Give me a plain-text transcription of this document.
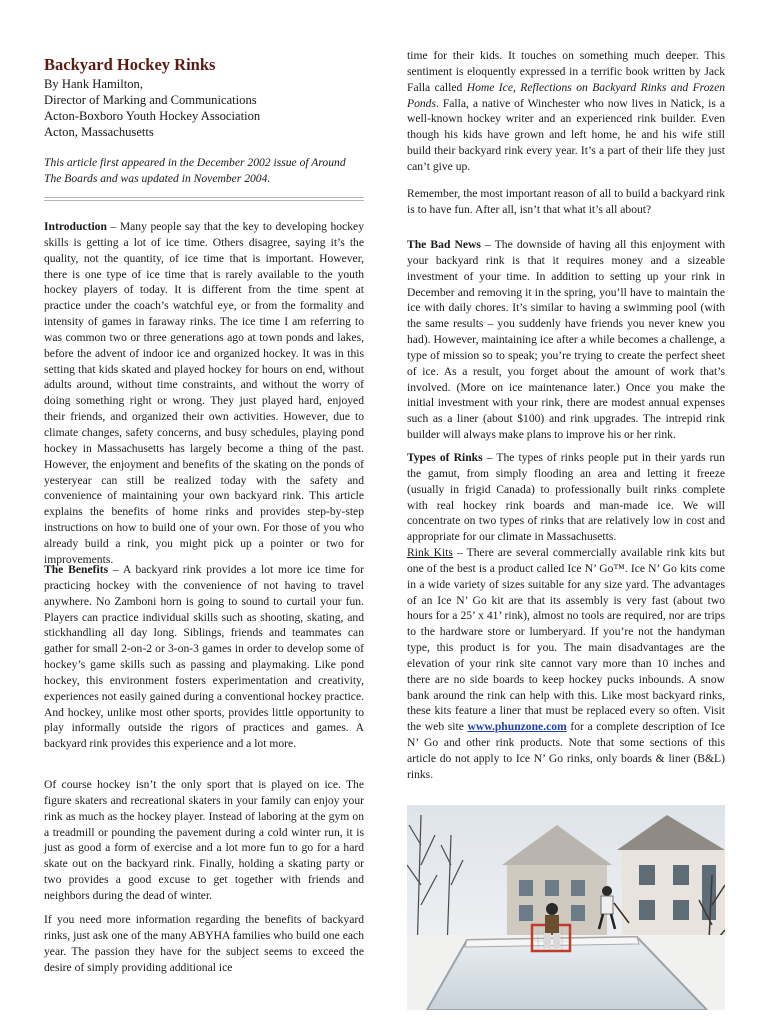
Backyard Hockey Rinks
By Hank Hamilton,
Director of Marking and Communications
Acton-Boxboro Youth Hockey Association
Acton, Massachusetts
This article first appeared in the December 2002 issue of Around The Boards and was updated in November 2004.

Introduction – Many people say that the key to developing hockey skills is getting a lot of ice time. Others disagree, saying it’s the quality, not the quantity, of ice time that is important. However, there is one type of ice time that is rarely available to the youth hockey players of today. It is different from the time spent at practice under the coach’s watchful eye, or from the formality and intensity of games in faraway rinks. The ice time I am referring to was common two or three generations ago at town ponds and lakes, before the advent of indoor ice and organized hockey. It was in this setting that kids skated and played hockey for hours on end, without adults around, without time constraints, and without the worry of doing something right or wrong. They just played hard, enjoyed their friends, and organized their own activities. However, due to climate changes, safety concerns, and busy schedules, playing pond hockey in Massachusetts has largely become a thing of the past. However, the enjoyment and benefits of the skating on the ponds of yesteryear can still be realized today with the safety and convenience of maintaining your own backyard rink. This article explains the benefits of home rinks and provides step-by-step instructions on how to build one of your own. For those of you who already build a rink, you might pick up a pointer or two for improvements.

The Benefits – A backyard rink provides a lot more ice time for practicing hockey with the convenience of not having to travel anywhere. No Zamboni horn is going to sound to curtail your fun. Players can practice individual skills such as shooting, skating, and stickhandling all day long. Siblings, friends and teammates can gather for small 2-on-2 or 3-on-3 games in order to develop some of hockey’s game skills such as passing and playmaking. Like pond hockey, this environment fosters experimentation and creativity, experiences not easily gained during a conventional hockey practice. And hockey, unlike most other sports, provides little opportunity to play informally outside the rigors of practices and games. A backyard rink provides this experience and a lot more.

Of course hockey isn’t the only sport that is played on ice. The figure skaters and recreational skaters in your family can enjoy your rink as much as the hockey player. Instead of laboring at the gym on a treadmill or pounding the pavement during a cold winter run, it is just as good a form of exercise and a lot more fun to go for a hard skate out on the backyard rink. Finally, holding a skating party or two provides a good excuse to get together with friends and neighbors during the dead of winter.

If you need more information regarding the benefits of backyard rinks, just ask one of the many ABYHA families who build one each year. The passion they have for the subject seems to exceed the desire of simply providing additional ice

time for their kids. It touches on something much deeper. This sentiment is eloquently expressed in a terrific book written by Jack Falla called Home Ice, Reflections on Backyard Rinks and Frozen Ponds. Falla, a native of Winchester who now lives in Natick, is a well-known hockey writer and an experienced rink builder. Even though his kids have grown and left home, he and his wife still build their backyard rink every year. It’s a part of their life they just can’t give up.

Remember, the most important reason of all to build a backyard rink is to have fun. After all, isn’t that what it’s all about?

The Bad News – The downside of having all this enjoyment with your backyard rink is that it requires money and a sizeable investment of your time. In addition to setting up your rink in December and removing it in the spring, you’ll have to maintain the ice with daily chores. It’s similar to having a swimming pool (with the same results – you suddenly have friends you never knew you had). However, maintaining ice after a while becomes a challenge, a type of mission so to speak; you’re trying to create the perfect sheet of ice. As a result, you forget about the amount of work that’s involved. (More on ice maintenance later.) Once you make the initial investment with your rink, there are modest annual expenses such as a liner (about $100) and rink upgrades. The intrepid rink builder will always make plans to improve his or her rink.

Types of Rinks – The types of rinks people put in their yards run the gamut, from simply flooding an area and letting it freeze (usually in frigid Canada) to professionally built rinks complete with real hockey rink boards and man-made ice. We will concentrate on two types of rinks that are relatively low in cost and appropriate for our climate in Massachusetts.

Rink Kits – There are several commercially available rink kits but one of the best is a product called Ice N’ Go™. Ice N’ Go kits come in a wide variety of sizes suitable for any size yard. The advantages of an Ice N’ Go kit are that its assembly is very fast (about two hours for a 25’ x 41’ rink), almost no tools are required, nor are trips to the hardware store or lumberyard. If you’re not the handyman type, this product is for you. The main disadvantages are the elevation of your rink site cannot vary more than 10 inches and there are no side boards to keep hockey pucks inbounds. A snow bank around the rink can help with this. Like most backyard rinks, these kits feature a liner that must be replaced every so often. Visit the web site www.phunzone.com for a complete description of Ice N’ Go and other rink products. Note that some sections of this article do not apply to Ice N’ Go rinks, only boards & liner (B&L) rinks.
